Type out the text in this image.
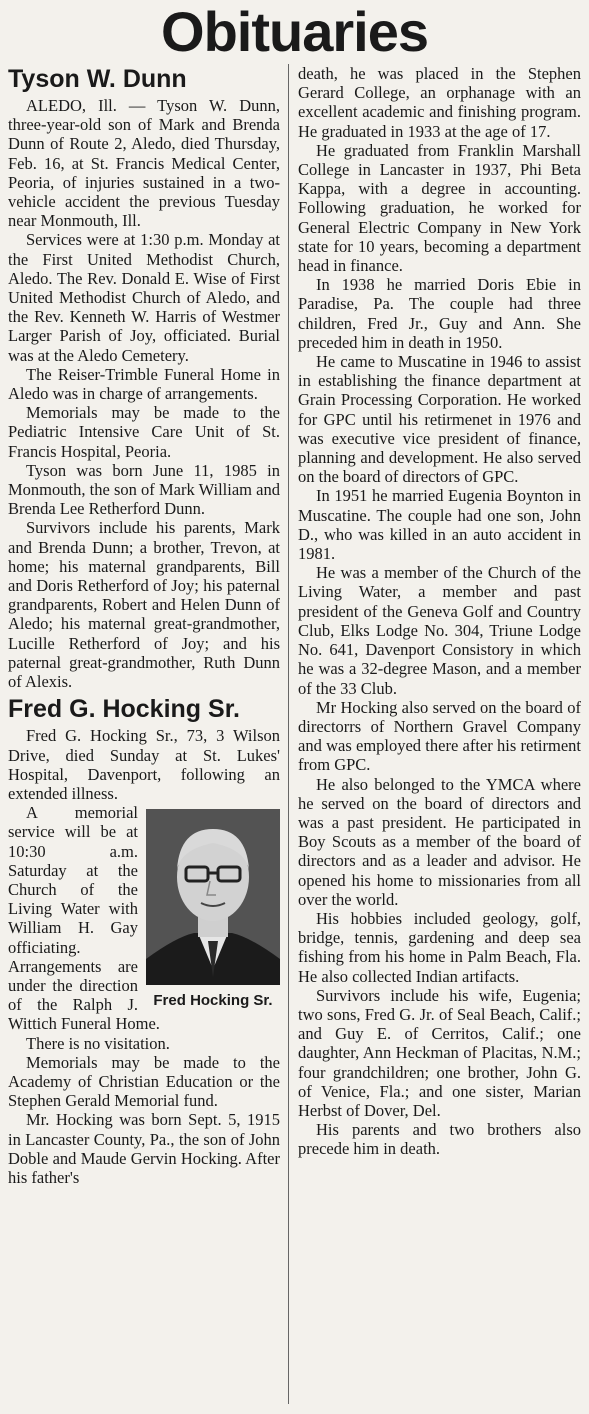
Obituaries
Tyson W. Dunn

ALEDO, Ill. — Tyson W. Dunn, three-year-old son of Mark and Brenda Dunn of Route 2, Aledo, died Thursday, Feb. 16, at St. Francis Medical Center, Peoria, of injuries sustained in a two-vehicle accident the previous Tuesday near Monmouth, Ill.

Services were at 1:30 p.m. Monday at the First United Methodist Church, Aledo. The Rev. Donald E. Wise of First United Methodist Church of Aledo, and the Rev. Kenneth W. Harris of Westmer Larger Parish of Joy, officiated. Burial was at the Aledo Cemetery.

The Reiser-Trimble Funeral Home in Aledo was in charge of arrangements.

Memorials may be made to the Pediatric Intensive Care Unit of St. Francis Hospital, Peoria.

Tyson was born June 11, 1985 in Monmouth, the son of Mark William and Brenda Lee Retherford Dunn.

Survivors include his parents, Mark and Brenda Dunn; a brother, Trevon, at home; his maternal grandparents, Bill and Doris Retherford of Joy; his paternal grandparents, Robert and Helen Dunn of Aledo; his maternal great-grandmother, Lucille Retherford of Joy; and his paternal great-grandmother, Ruth Dunn of Alexis.

Fred G. Hocking Sr.

Fred G. Hocking Sr., 73, 3 Wilson Drive, died Sunday at St. Lukes' Hospital, Davenport, following an extended illness.

Fred Hocking Sr.

A memorial service will be at 10:30 a.m. Saturday at the Church of the Living Water with William H. Gay officiating. Arrangements are under the direction of the Ralph J. Wittich Funeral Home.

There is no visitation.

Memorials may be made to the Academy of Christian Education or the Stephen Gerald Memorial fund.

Mr. Hocking was born Sept. 5, 1915 in Lancaster County, Pa., the son of John Doble and Maude Gervin Hocking. After his father's

death, he was placed in the Stephen Gerard College, an orphanage with an excellent academic and finishing program. He graduated in 1933 at the age of 17.

He graduated from Franklin Marshall College in Lancaster in 1937, Phi Beta Kappa, with a degree in accounting. Following graduation, he worked for General Electric Company in New York state for 10 years, becoming a department head in finance.

In 1938 he married Doris Ebie in Paradise, Pa. The couple had three children, Fred Jr., Guy and Ann. She preceded him in death in 1950.

He came to Muscatine in 1946 to assist in establishing the finance department at Grain Processing Corporation. He worked for GPC until his retirmenet in 1976 and was executive vice president of finance, planning and development. He also served on the board of directors of GPC.

In 1951 he married Eugenia Boynton in Muscatine. The couple had one son, John D., who was killed in an auto accident in 1981.

He was a member of the Church of the Living Water, a member and past president of the Geneva Golf and Country Club, Elks Lodge No. 304, Triune Lodge No. 641, Davenport Consistory in which he was a 32-degree Mason, and a member of the 33 Club.

Mr Hocking also served on the board of directorrs of Northern Gravel Company and was employed there after his retirment from GPC.

He also belonged to the YMCA where he served on the board of directors and was a past president. He participated in Boy Scouts as a member of the board of directors and as a leader and advisor. He opened his home to missionaries from all over the world.

His hobbies included geology, golf, bridge, tennis, gardening and deep sea fishing from his home in Palm Beach, Fla. He also collected Indian artifacts.

Survivors include his wife, Eugenia; two sons, Fred G. Jr. of Seal Beach, Calif.; and Guy E. of Cerritos, Calif.; one daughter, Ann Heckman of Placitas, N.M.; four grandchildren; one brother, John G. of Venice, Fla.; and one sister, Marian Herbst of Dover, Del.

His parents and two brothers also precede him in death.
